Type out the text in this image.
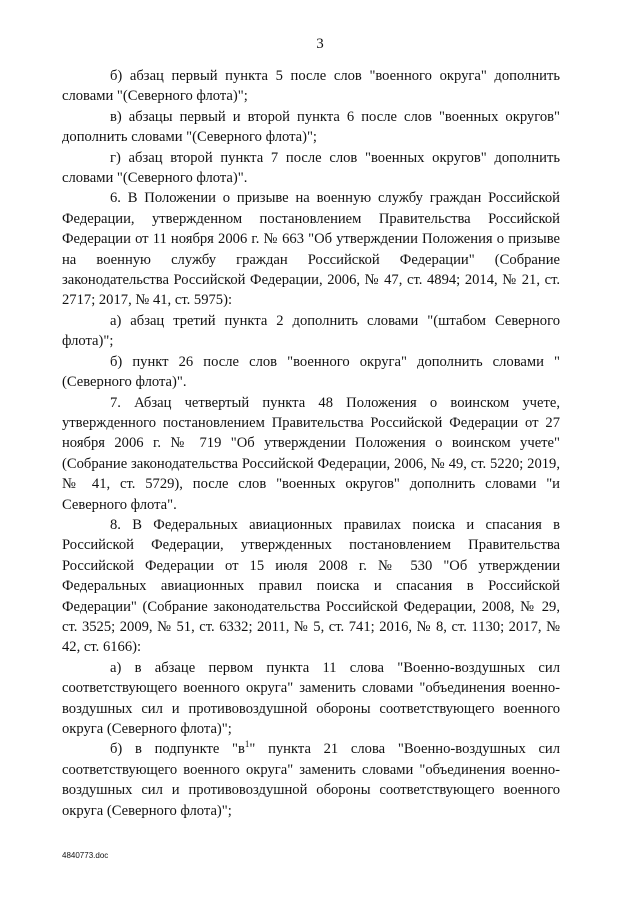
3

б) абзац первый пункта 5 после слов "военного округа" дополнить словами "(Северного флота)";

в) абзацы первый и второй пункта 6 после слов "военных округов" дополнить словами "(Северного флота)";

г) абзац второй пункта 7 после слов "военных округов" дополнить словами "(Северного флота)".

6. В Положении о призыве на военную службу граждан Российской Федерации, утвержденном постановлением Правительства Российской Федерации от 11 ноября 2006 г. № 663 "Об утверждении Положения о призыве на военную службу граждан Российской Федерации" (Собрание законодательства Российской Федерации, 2006, № 47, ст. 4894; 2014, № 21, ст. 2717; 2017, № 41, ст. 5975):

а) абзац третий пункта 2 дополнить словами "(штабом Северного флота)";

б) пункт 26 после слов "военного округа" дополнить словами "(Северного флота)".

7. Абзац четвертый пункта 48 Положения о воинском учете, утвержденного постановлением Правительства Российской Федерации от 27 ноября 2006 г. № 719 "Об утверждении Положения о воинском учете" (Собрание законодательства Российской Федерации, 2006, № 49, ст. 5220; 2019, № 41, ст. 5729), после слов "военных округов" дополнить словами "и Северного флота".

8. В Федеральных авиационных правилах поиска и спасания в Российской Федерации, утвержденных постановлением Правительства Российской Федерации от 15 июля 2008 г. № 530 "Об утверждении Федеральных авиационных правил поиска и спасания в Российской Федерации" (Собрание законодательства Российской Федерации, 2008, № 29, ст. 3525; 2009, № 51, ст. 6332; 2011, № 5, ст. 741; 2016, № 8, ст. 1130; 2017, № 42, ст. 6166):

а) в абзаце первом пункта 11 слова "Военно-воздушных сил соответствующего военного округа" заменить словами "объединения военно-воздушных сил и противовоздушной обороны соответствующего военного округа (Северного флота)";

б) в подпункте "$в^1$" пункта 21 слова "Военно-воздушных сил соответствующего военного округа" заменить словами "объединения военно-воздушных сил и противовоздушной обороны соответствующего военного округа (Северного флота)";

4840773.doc
